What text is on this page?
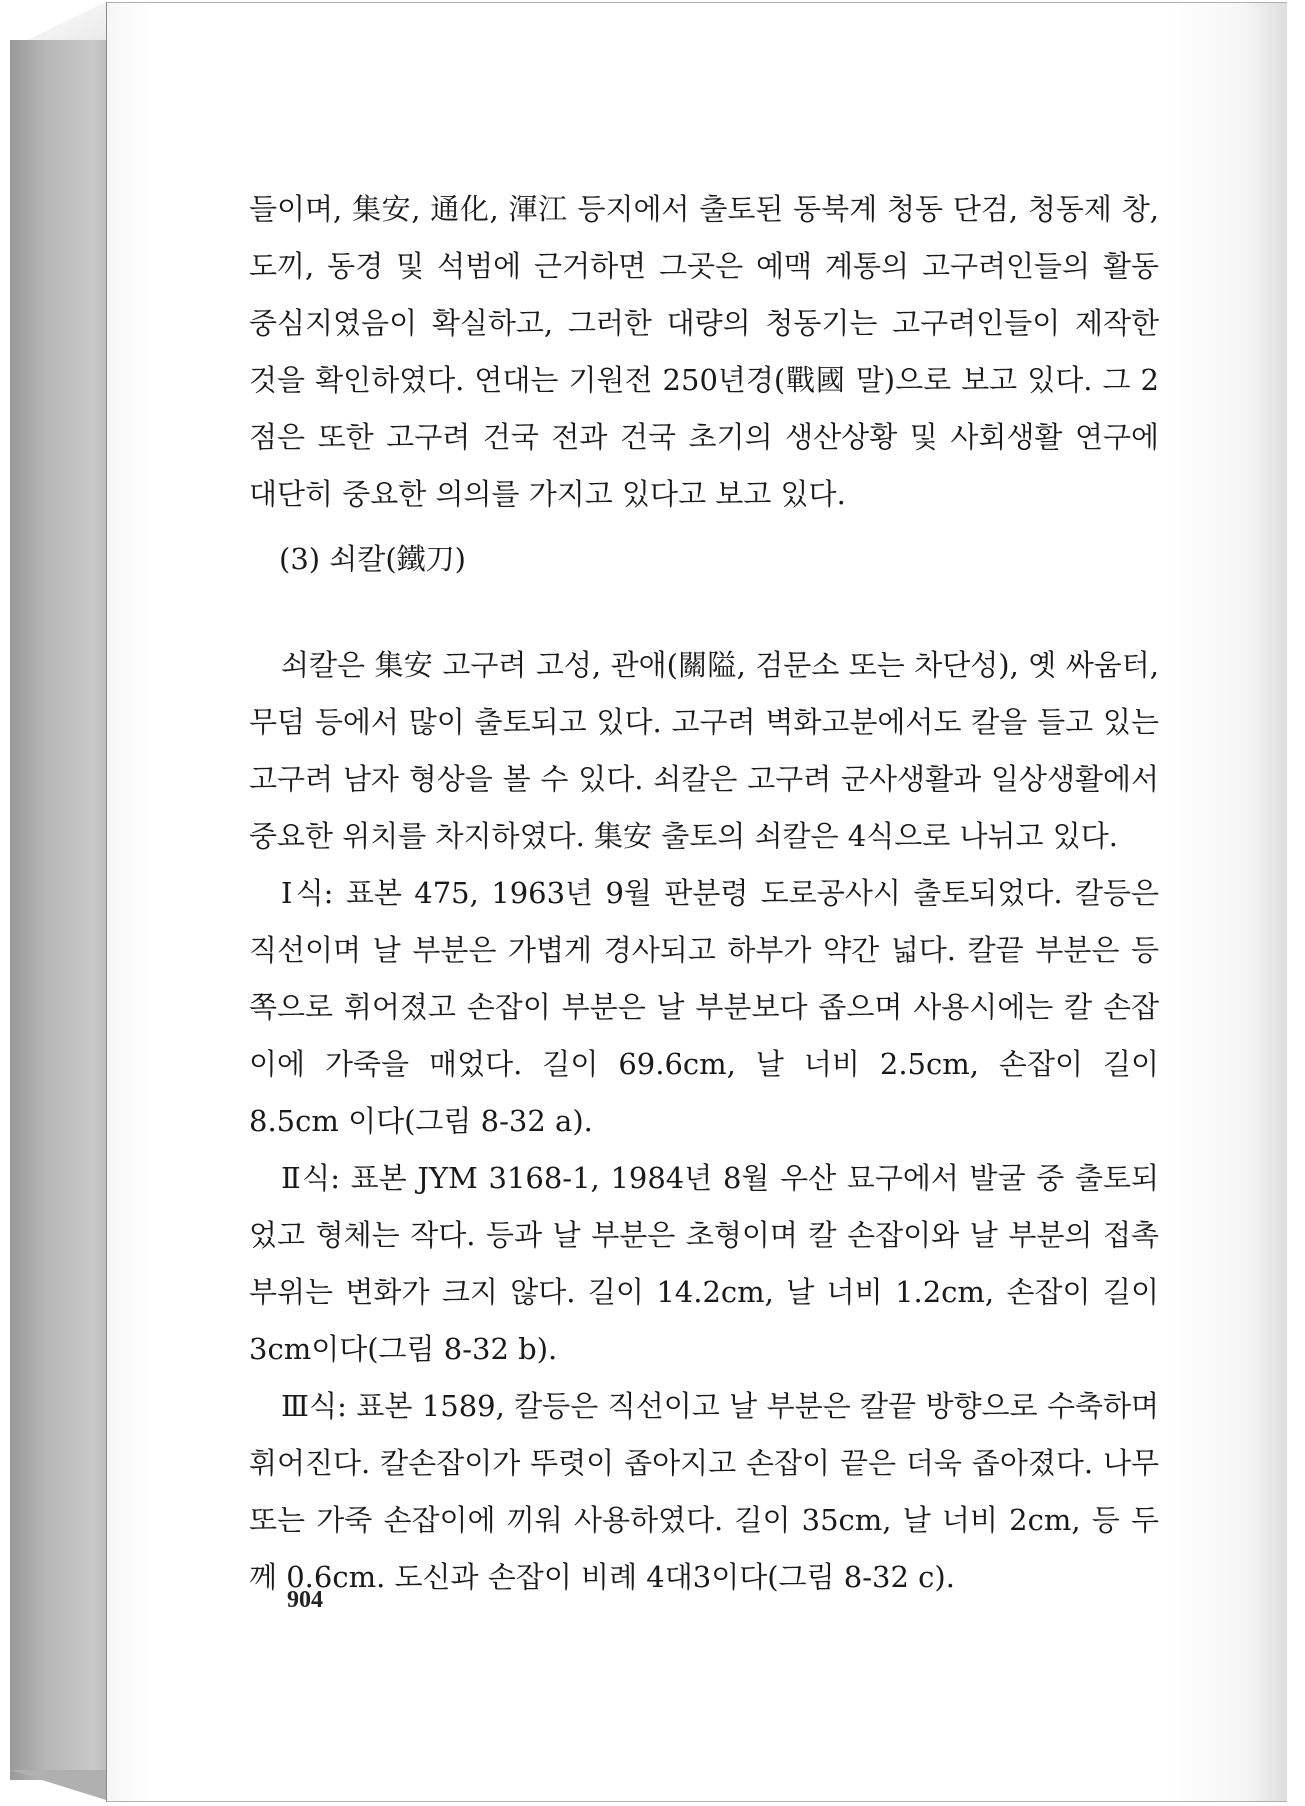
들이며, 集安, 通化, 渾江 등지에서 출토된 동북계 청동 단검, 청동제 창, 도끼, 동경 및 석범에 근거하면 그곳은 예맥 계통의 고구려인들의 활동 중심지였음이 확실하고, 그러한 대량의 청동기는 고구려인들이 제작한 것을 확인하였다. 연대는 기원전 250년경(戰國 말)으로 보고 있다. 그 2점은 또한 고구려 건국 전과 건국 초기의 생산상황 및 사회생활 연구에 대단히 중요한 의의를 가지고 있다고 보고 있다.

(3) 쇠칼(鐵刀)

쇠칼은 集安 고구려 고성, 관애(關隘, 검문소 또는 차단성), 옛 싸움터, 무덤 등에서 많이 출토되고 있다. 고구려 벽화고분에서도 칼을 들고 있는 고구려 남자 형상을 볼 수 있다. 쇠칼은 고구려 군사생활과 일상생활에서 중요한 위치를 차지하였다. 集安 출토의 쇠칼은 4식으로 나뉘고 있다.

Ⅰ식: 표본 475, 1963년 9월 판분령 도로공사시 출토되었다. 칼등은 직선이며 날 부분은 가볍게 경사되고 하부가 약간 넓다. 칼끝 부분은 등쪽으로 휘어졌고 손잡이 부분은 날 부분보다 좁으며 사용시에는 칼 손잡이에 가죽을 매었다. 길이 69.6cm, 날 너비 2.5cm, 손잡이 길이 8.5cm 이다(그림 8-32 a).

Ⅱ식: 표본 JYM 3168-1, 1984년 8월 우산 묘구에서 발굴 중 출토되었고 형체는 작다. 등과 날 부분은 초형이며 칼 손잡이와 날 부분의 접촉 부위는 변화가 크지 않다. 길이 14.2cm, 날 너비 1.2cm, 손잡이 길이 3cm이다(그림 8-32 b).

Ⅲ식: 표본 1589, 칼등은 직선이고 날 부분은 칼끝 방향으로 수축하며 휘어진다. 칼손잡이가 뚜렷이 좁아지고 손잡이 끝은 더욱 좁아졌다. 나무 또는 가죽 손잡이에 끼워 사용하였다. 길이 35cm, 날 너비 2cm, 등 두께 0.6cm. 도신과 손잡이 비례 4대3이다(그림 8-32 c).

904
